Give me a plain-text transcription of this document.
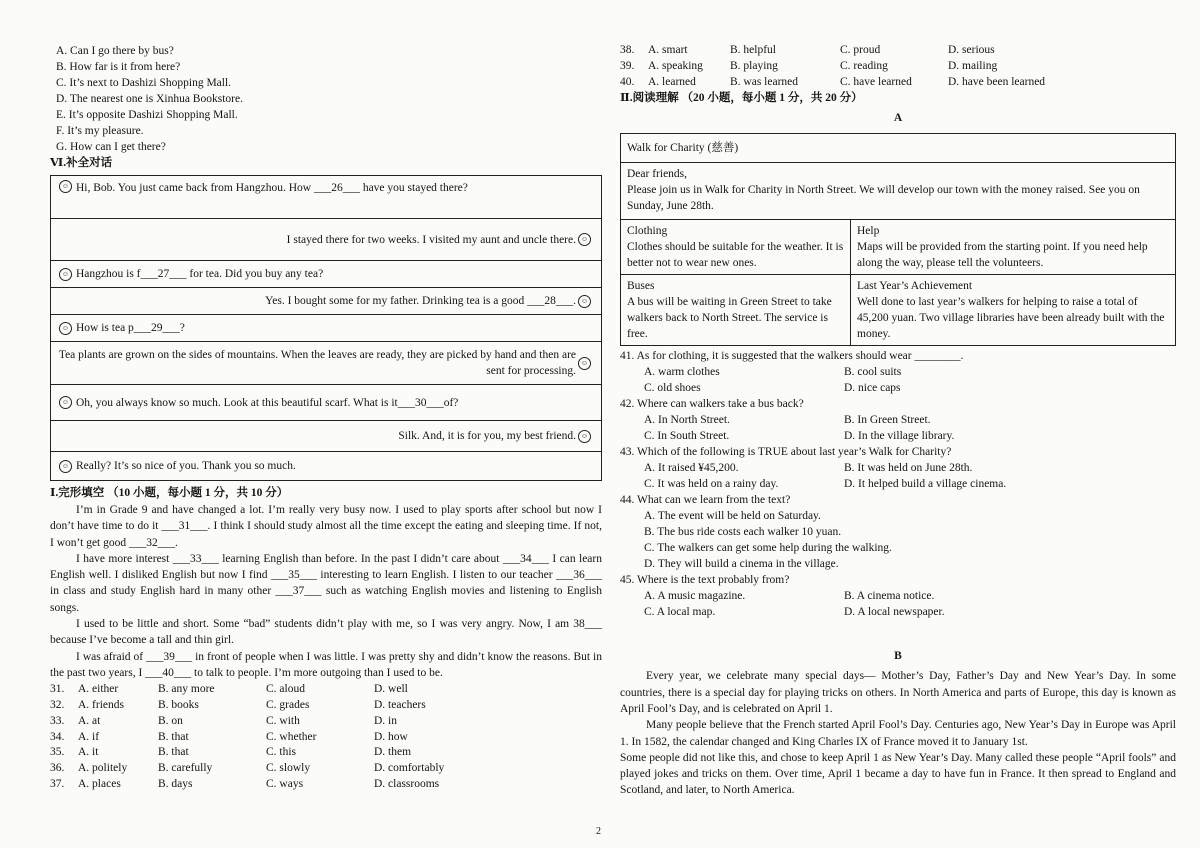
A. Can I go there by bus?
B. How far is it from here?
C. It’s next to Dashizi Shopping Mall.
D. The nearest one is Xinhua Bookstore.
E. It’s opposite Dashizi Shopping Mall.
F. It’s my pleasure.
G. How can I get there?
Ⅵ.补全对话
☺ Hi, Bob. You just came back from Hangzhou. How ___26___ have you stayed there?
I stayed there for two weeks. I visited my aunt and uncle there. ☺
☺ Hangzhou is f___27___ for tea. Did you buy any tea?
Yes. I bought some for my father. Drinking tea is a good ___28___. ☺
☺ How is tea p___29___?
Tea plants are grown on the sides of mountains. When the leaves are ready, they are picked by hand and then are sent for processing.
☺
☺ Oh, you always know so much. Look at this beautiful scarf. What is it___30___of?
Silk. And, it is for you, my best friend. ☺
☺ Really? It’s so nice of you. Thank you so much.
Ⅰ.完形填空 （10 小题，每小题 1 分，共 10 分）
I’m in Grade 9 and have changed a lot. I’m really very busy now. I used to play sports after school but now I don’t have time to do it ___31___. I think I should study almost all the time except the eating and sleeping time. If not, I won’t get good ___32___.
I have more interest ___33___ learning English than before. In the past I didn’t care about ___34___ I can learn English well. I disliked English but now I find ___35___ interesting to learn English. I listen to our teacher ___36___ in class and study English hard in many other ___37___ such as watching English movies and listening to English songs.
I used to be little and short. Some “bad” students didn’t play with me, so I was very angry. Now, I am 38___ because I’ve become a tall and thin girl.
I was afraid of ___39___ in front of people when I was little. I was pretty shy and didn’t know the reasons. But in the past two years, I ___40___ to talk to people. I’m more outgoing than I used to be.
31. A. either	B. any more	C. aloud	D. well
32. A. friends	B. books	C. grades	D. teachers
33. A. at	B. on	C. with	D. in
34. A. if	B. that	C. whether	D. how
35. A. it	B. that	C. this	D. them
36. A. politely	B. carefully	C. slowly	D. comfortably
37. A. places	B. days	C. ways	D. classrooms
38. A. smart	B. helpful	C. proud	D. serious
39. A. speaking	B. playing	C. reading	D. mailing
40. A. learned	B. was learned	C. have learned	D. have been learned
Ⅱ.阅读理解 （20 小题，每小题 1 分，共 20 分）
A
Walk for Charity (慈善)
Dear friends,
Please join us in Walk for Charity in North Street. We will develop our town with the money raised. See you on Sunday, June 28th.
Clothing
Clothes should be suitable for the weather. It is better not to wear new ones.
Help
Maps will be provided from the starting point. If you need help along the way, please tell the volunteers.
Buses
A bus will be waiting in Green Street to take walkers back to North Street. The service is free.
Last Year’s Achievement
Well done to last year’s walkers for helping to raise a total of 45,200 yuan. Two village libraries have been already built with the money.
41. As for clothing, it is suggested that the walkers should wear ________.
A. warm clothes	B. cool suits
C. old shoes	D. nice caps
42. Where can walkers take a bus back?
A. In North Street.	B. In Green Street.
C. In South Street.	D. In the village library.
43. Which of the following is TRUE about last year’s Walk for Charity?
A. It raised ¥45,200.	B. It was held on June 28th.
C. It was held on a rainy day.	D. It helped build a village cinema.
44. What can we learn from the text?
A. The event will be held on Saturday.
B. The bus ride costs each walker 10 yuan.
C. The walkers can get some help during the walking.
D. They will build a cinema in the village.
45. Where is the text probably from?
A. A music magazine.	B. A cinema notice.
C. A local map.	D. A local newspaper.
B
Every year, we celebrate many special days— Mother’s Day, Father’s Day and New Year’s Day. In some countries, there is a special day for playing tricks on others. In North America and parts of Europe, this day is known as April Fool’s Day, and is celebrated on April 1.
Many people believe that the French started April Fool’s Day. Centuries ago, New Year’s Day in Europe was April 1. In 1582, the calendar changed and King Charles IX of France moved it to January 1st.
Some people did not like this, and chose to keep April 1 as New Year’s Day. Many called these people “April fools” and played jokes and tricks on them. Over time, April 1 became a day to have fun in France. It then spread to England and Scotland, and later, to North America.
2
